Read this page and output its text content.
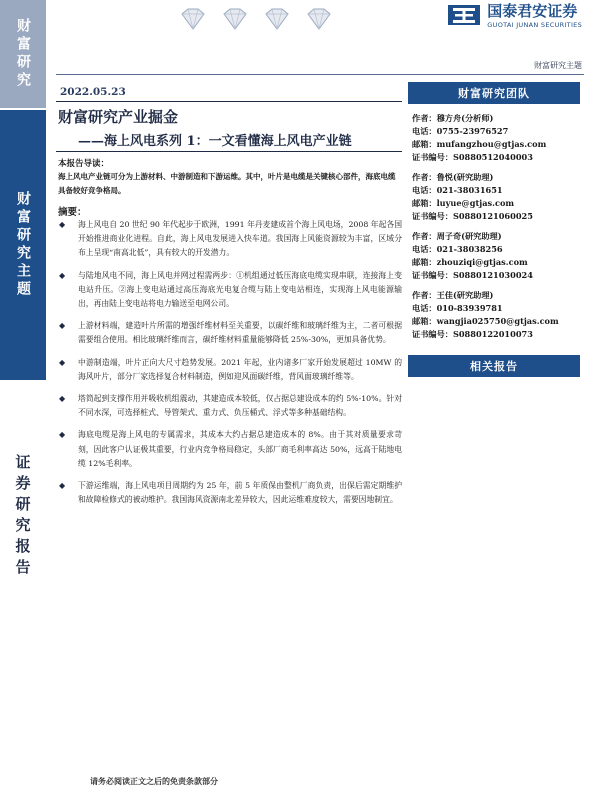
财富研究
财富研究主题
证券研究报告
国泰君安证券
GUOTAI JUNAN SECURITIES
财富研究主题
2022.05.23
财富研究产业掘金
——海上风电系列 1：一文看懂海上风电产业链
本报告导读：
海上风电产业链可分为上游材料、中游制造和下游运维。其中，叶片是电缆是关键核心部件，海底电缆具备较好竞争格局。
摘要：
◆ 海上风电自 20 世纪 90 年代起步于欧洲，1991 年丹麦建成首个海上风电场，2008 年起各国开始推进商业化进程。自此，海上风电发展进入快车道。我国海上风能资源较为丰富，区域分布上呈现“南高北低”，具有较大的开发潜力。
◆ 与陆地风电不同，海上风电并网过程需两步：①机组通过低压海底电缆实现串联，连接海上变电站升压。②海上变电站通过高压海底光电复合缆与陆上变电站相连，实现海上风电能源输出，再由陆上变电站将电力输送至电网公司。
◆ 上游材料端，建造叶片所需的增强纤维材料至关重要，以碳纤维和玻璃纤维为主，二者可根据需要组合使用。相比玻璃纤维而言，碳纤维材料重量能够降低 25%-30%，更加具备优势。
◆ 中游制造端，叶片正向大尺寸趋势发展。2021 年起，业内诸多厂家开始发展超过 10MW 的海风叶片，部分厂家选择复合材料制造，例如迎风面碳纤维，背风面玻璃纤维等。
◆ 塔筒起到支撑作用并吸收机组震动，其建造成本较低，仅占据总建设成本的约 5%-10%。针对不同水深，可选择桩式、导管架式、重力式、负压桶式、浮式等多种基础结构。
◆ 海底电缆是海上风电的专属需求，其成本大约占据总建造成本的 8%。由于其对质量要求苛刻，因此客户认证极其重要，行业内竞争格局稳定，头部厂商毛利率高达 50%，远高于陆地电缆 12%毛利率。
◆ 下游运维端，海上风电项目周期约为 25 年，前 5 年质保由整机厂商负责，出保后需定期维护和故障检修式的被动维护。我国海风资源南北差异较大，因此运维难度较大，需要因地制宜。
财富研究团队
作者：穆方舟(分析师)
电话：0755-23976527
邮箱：mufangzhou@gtjas.com
证书编号：S0880512040003
作者：鲁悦(研究助理)
电话：021-38031651
邮箱：luyue@gtjas.com
证书编号：S0880121060025
作者：周子奇(研究助理)
电话：021-38038256
邮箱：zhouziqi@gtjas.com
证书编号：S0880121030024
作者：王佳(研究助理)
电话：010-83939781
邮箱：wangjia025750@gtjas.com
证书编号：S0880122010073
相关报告
请务必阅读正文之后的免责条款部分
